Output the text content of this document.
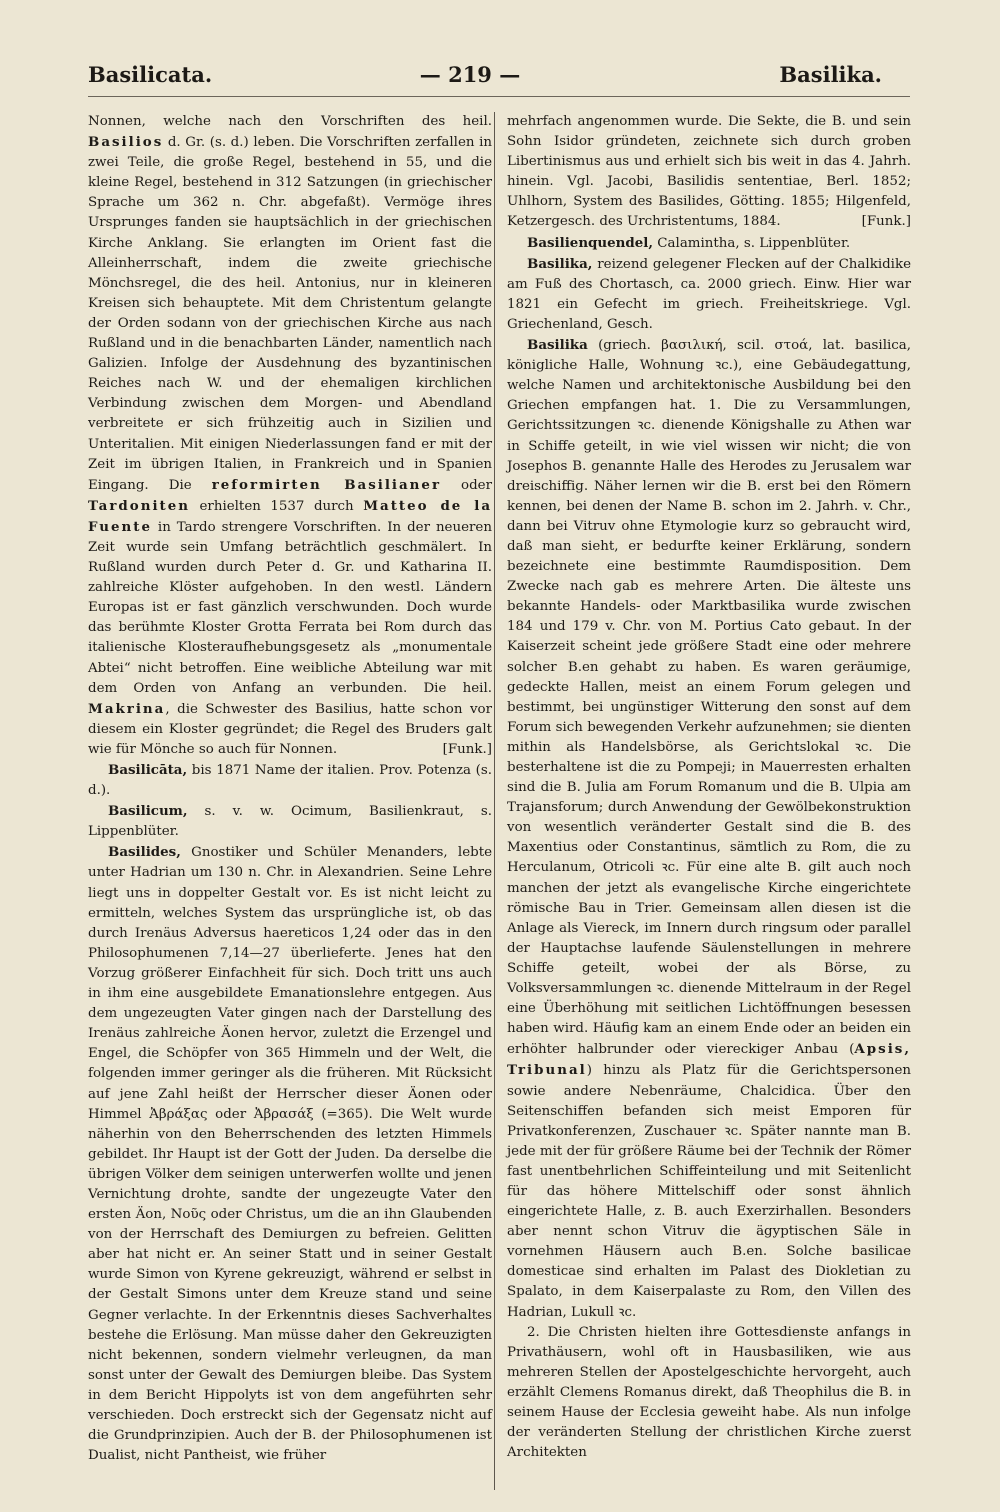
Basilicata.	— 219 —	Basilika.

Nonnen, welche nach den Vorschriften des heil. Basilios d. Gr. (s. d.) leben. Die Vorschriften zerfallen in zwei Teile, die große Regel, bestehend in 55, und die kleine Regel, bestehend in 312 Satzungen (in griechischer Sprache um 362 n. Chr. abgefaßt). Vermöge ihres Ursprunges fanden sie hauptsächlich in der griechischen Kirche Anklang. Sie erlangten im Orient fast die Alleinherrschaft, indem die zweite griechische Mönchsregel, die des heil. Antonius, nur in kleineren Kreisen sich behauptete. Mit dem Christentum gelangte der Orden sodann von der griechischen Kirche aus nach Rußland und in die benachbarten Länder, namentlich nach Galizien. Infolge der Ausdehnung des byzantinischen Reiches nach W. und der ehemaligen kirchlichen Verbindung zwischen dem Morgen- und Abendland verbreitete er sich frühzeitig auch in Sizilien und Unteritalien. Mit einigen Niederlassungen fand er mit der Zeit im übrigen Italien, in Frankreich und in Spanien Eingang. Die reformirten Basilianer oder Tardoniten erhielten 1537 durch Matteo de la Fuente in Tardo strengere Vorschriften. In der neueren Zeit wurde sein Umfang beträchtlich geschmälert. In Rußland wurden durch Peter d. Gr. und Katharina II. zahlreiche Klöster aufgehoben. In den westl. Ländern Europas ist er fast gänzlich verschwunden. Doch wurde das berühmte Kloster Grotta Ferrata bei Rom durch das italienische Klosteraufhebungsgesetz als „monumentale Abtei“ nicht betroffen. Eine weibliche Abteilung war mit dem Orden von Anfang an verbunden. Die heil. Makrina, die Schwester des Basilius, hatte schon vor diesem ein Kloster gegründet; die Regel des Bruders galt wie für Mönche so auch für Nonnen.	[Funk.]

Basilicāta, bis 1871 Name der italien. Prov. Potenza (s. d.).

Basilicum, s. v. w. Ocimum, Basilienkraut, s. Lippenblüter.

Basilides, Gnostiker und Schüler Menanders, lebte unter Hadrian um 130 n. Chr. in Alexandrien. Seine Lehre liegt uns in doppelter Gestalt vor. Es ist nicht leicht zu ermitteln, welches System das ursprüngliche ist, ob das durch Irenäus Adversus haereticos 1,24 oder das in den Philosophumenen 7,14—27 überlieferte. Jenes hat den Vorzug größerer Einfachheit für sich. Doch tritt uns auch in ihm eine ausgebildete Emanationslehre entgegen. Aus dem ungezeugten Vater gingen nach der Darstellung des Irenäus zahlreiche Äonen hervor, zuletzt die Erzengel und Engel, die Schöpfer von 365 Himmeln und der Welt, die folgenden immer geringer als die früheren. Mit Rücksicht auf jene Zahl heißt der Herrscher dieser Äonen oder Himmel Ἀβράξας oder Ἀβρασάξ (=365). Die Welt wurde näherhin von den Beherrschenden des letzten Himmels gebildet. Ihr Haupt ist der Gott der Juden. Da derselbe die übrigen Völker dem seinigen unterwerfen wollte und jenen Vernichtung drohte, sandte der ungezeugte Vater den ersten Äon, Νοῦς oder Christus, um die an ihn Glaubenden von der Herrschaft des Demiurgen zu befreien. Gelitten aber hat nicht er. An seiner Statt und in seiner Gestalt wurde Simon von Kyrene gekreuzigt, während er selbst in der Gestalt Simons unter dem Kreuze stand und seine Gegner verlachte. In der Erkenntnis dieses Sachverhaltes bestehe die Erlösung. Man müsse daher den Gekreuzigten nicht bekennen, sondern vielmehr verleugnen, da man sonst unter der Gewalt des Demiurgen bleibe. Das System in dem Bericht Hippolyts ist von dem angeführten sehr verschieden. Doch erstreckt sich der Gegensatz nicht auf die Grundprinzipien. Auch der B. der Philosophumenen ist Dualist, nicht Pantheist, wie früher

mehrfach angenommen wurde. Die Sekte, die B. und sein Sohn Isidor gründeten, zeichnete sich durch groben Libertinismus aus und erhielt sich bis weit in das 4. Jahrh. hinein. Vgl. Jacobi, Basilidis sententiae, Berl. 1852; Uhlhorn, System des Basilides, Götting. 1855; Hilgenfeld, Ketzergesch. des Urchristentums, 1884.	[Funk.]

Basilienquendel, Calamintha, s. Lippenblüter.

Basilika, reizend gelegener Flecken auf der Chalkidike am Fuß des Chortasch, ca. 2000 griech. Einw. Hier war 1821 ein Gefecht im griech. Freiheitskriege. Vgl. Griechenland, Gesch.

Basilika (griech. βασιλική, scil. στοά, lat. basilica, königliche Halle, Wohnung ꝛc.), eine Gebäudegattung, welche Namen und architektonische Ausbildung bei den Griechen empfangen hat. 1. Die zu Versammlungen, Gerichtssitzungen ꝛc. dienende Königshalle zu Athen war in Schiffe geteilt, in wie viel wissen wir nicht; die von Josephos B. genannte Halle des Herodes zu Jerusalem war dreischiffig. Näher lernen wir die B. erst bei den Römern kennen, bei denen der Name B. schon im 2. Jahrh. v. Chr., dann bei Vitruv ohne Etymologie kurz so gebraucht wird, daß man sieht, er bedurfte keiner Erklärung, sondern bezeichnete eine bestimmte Raumdisposition. Dem Zwecke nach gab es mehrere Arten. Die älteste uns bekannte Handels- oder Marktbasilika wurde zwischen 184 und 179 v. Chr. von M. Portius Cato gebaut. In der Kaiserzeit scheint jede größere Stadt eine oder mehrere solcher B.en gehabt zu haben. Es waren geräumige, gedeckte Hallen, meist an einem Forum gelegen und bestimmt, bei ungünstiger Witterung den sonst auf dem Forum sich bewegenden Verkehr aufzunehmen; sie dienten mithin als Handelsbörse, als Gerichtslokal ꝛc. Die besterhaltene ist die zu Pompeji; in Mauerresten erhalten sind die B. Julia am Forum Romanum und die B. Ulpia am Trajansforum; durch Anwendung der Gewölbekonstruktion von wesentlich veränderter Gestalt sind die B. des Maxentius oder Constantinus, sämtlich zu Rom, die zu Herculanum, Otricoli ꝛc. Für eine alte B. gilt auch noch manchen der jetzt als evangelische Kirche eingerichtete römische Bau in Trier. Gemeinsam allen diesen ist die Anlage als Viereck, im Innern durch ringsum oder parallel der Hauptachse laufende Säulenstellungen in mehrere Schiffe geteilt, wobei der als Börse, zu Volksversammlungen ꝛc. dienende Mittelraum in der Regel eine Überhöhung mit seitlichen Lichtöffnungen besessen haben wird. Häufig kam an einem Ende oder an beiden ein erhöhter halbrunder oder viereckiger Anbau (Apsis, Tribunal) hinzu als Platz für die Gerichtspersonen sowie andere Nebenräume, Chalcidica. Über den Seitenschiffen befanden sich meist Emporen für Privatkonferenzen, Zuschauer ꝛc. Später nannte man B. jede mit der für größere Räume bei der Technik der Römer fast unentbehrlichen Schiffeinteilung und mit Seitenlicht für das höhere Mittelschiff oder sonst ähnlich eingerichtete Halle, z. B. auch Exerzirhallen. Besonders aber nennt schon Vitruv die ägyptischen Säle in vornehmen Häusern auch B.en. Solche basilicae domesticae sind erhalten im Palast des Diokletian zu Spalato, in dem Kaiserpalaste zu Rom, den Villen des Hadrian, Lukull ꝛc.

2. Die Christen hielten ihre Gottesdienste anfangs in Privathäusern, wohl oft in Hausbasiliken, wie aus mehreren Stellen der Apostelgeschichte hervorgeht, auch erzählt Clemens Romanus direkt, daß Theophilus die B. in seinem Hause der Ecclesia geweiht habe. Als nun infolge der veränderten Stellung der christlichen Kirche zuerst Architekten
